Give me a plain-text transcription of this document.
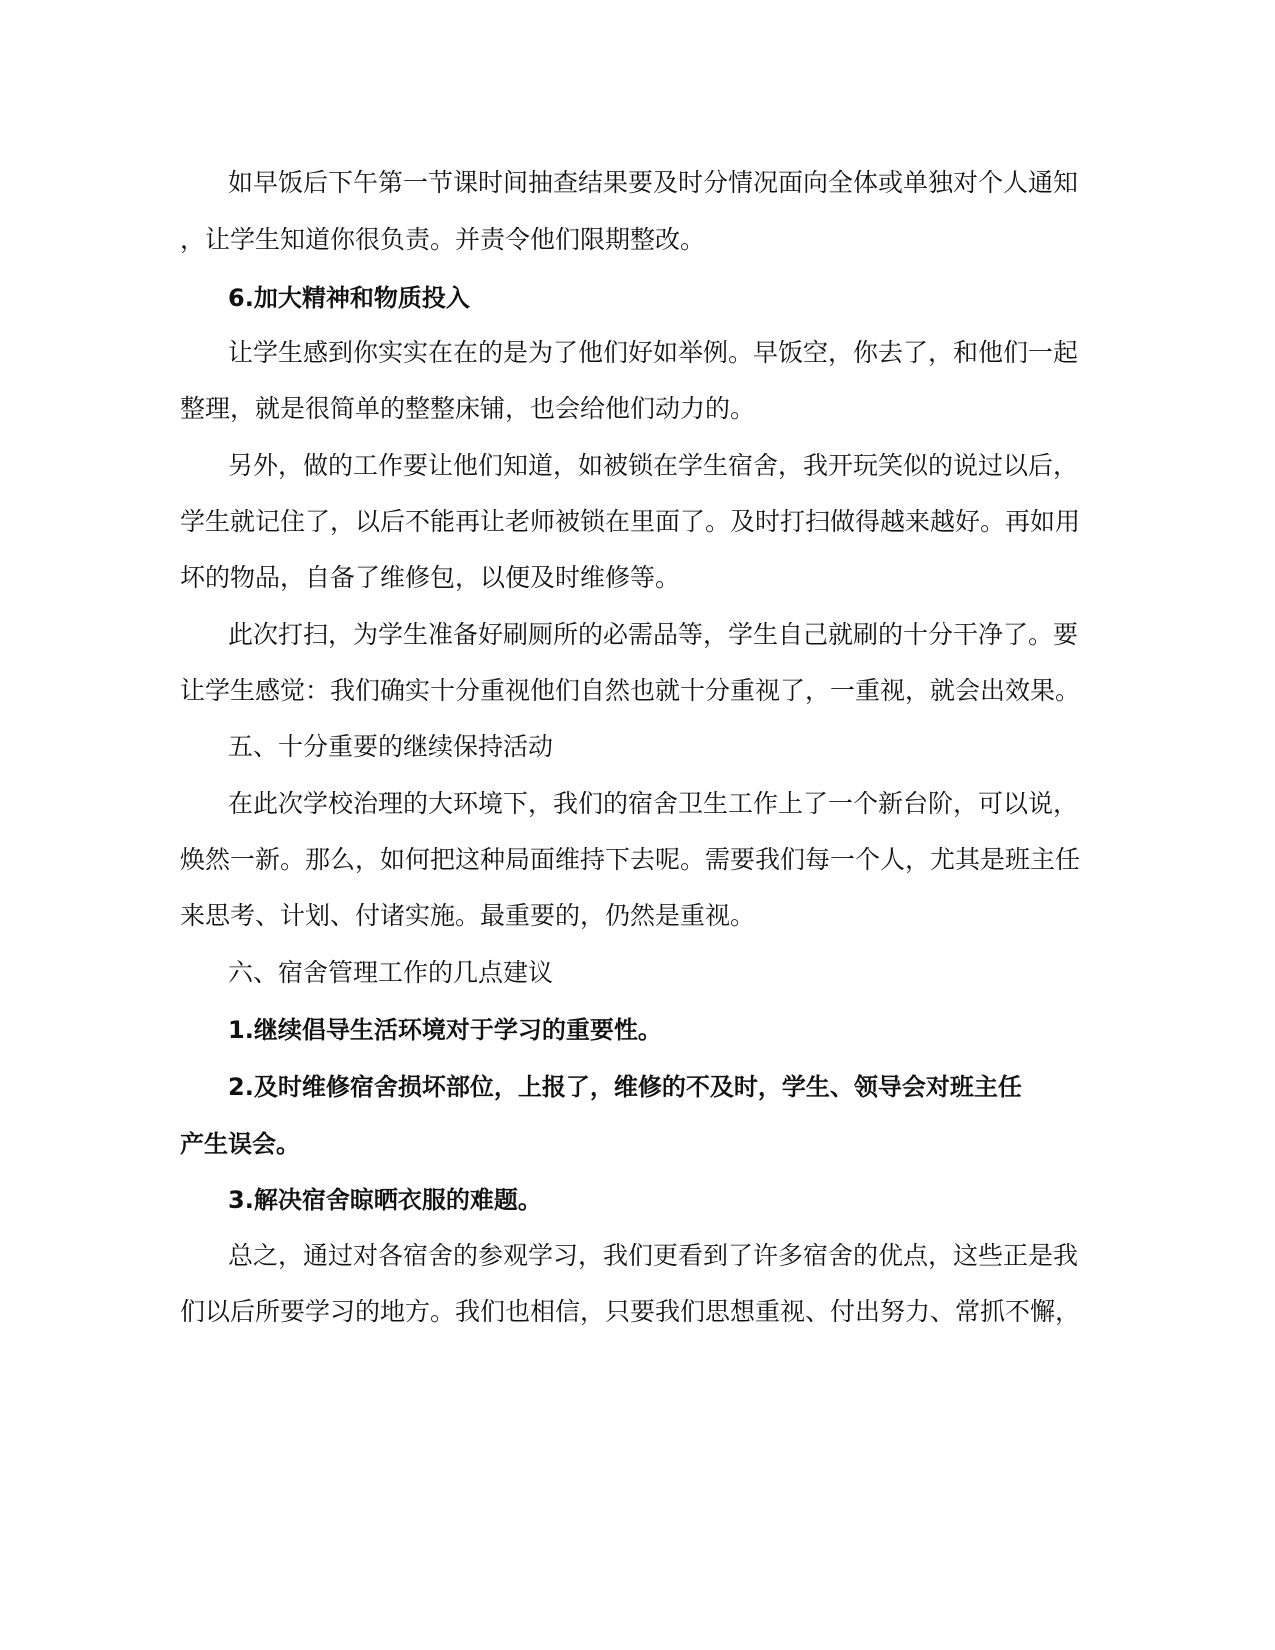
如早饭后下午第一节课时间抽查结果要及时分情况面向全体或单独对个人通知
，让学生知道你很负责。并责令他们限期整改。
6.加大精神和物质投入
让学生感到你实实在在的是为了他们好如举例。早饭空，你去了，和他们一起
整理，就是很简单的整整床铺，也会给他们动力的。
另外，做的工作要让他们知道，如被锁在学生宿舍，我开玩笑似的说过以后，
学生就记住了，以后不能再让老师被锁在里面了。及时打扫做得越来越好。再如用
坏的物品，自备了维修包，以便及时维修等。
此次打扫，为学生准备好刷厕所的必需品等，学生自己就刷的十分干净了。要
让学生感觉：我们确实十分重视他们自然也就十分重视了，一重视，就会出效果。
五、十分重要的继续保持活动
在此次学校治理的大环境下，我们的宿舍卫生工作上了一个新台阶，可以说，
焕然一新。那么，如何把这种局面维持下去呢。需要我们每一个人，尤其是班主任
来思考、计划、付诸实施。最重要的，仍然是重视。
六、宿舍管理工作的几点建议
1.继续倡导生活环境对于学习的重要性。
2.及时维修宿舍损坏部位，上报了，维修的不及时，学生、领导会对班主任
产生误会。
3.解决宿舍晾晒衣服的难题。
总之，通过对各宿舍的参观学习，我们更看到了许多宿舍的优点，这些正是我
们以后所要学习的地方。我们也相信，只要我们思想重视、付出努力、常抓不懈，
